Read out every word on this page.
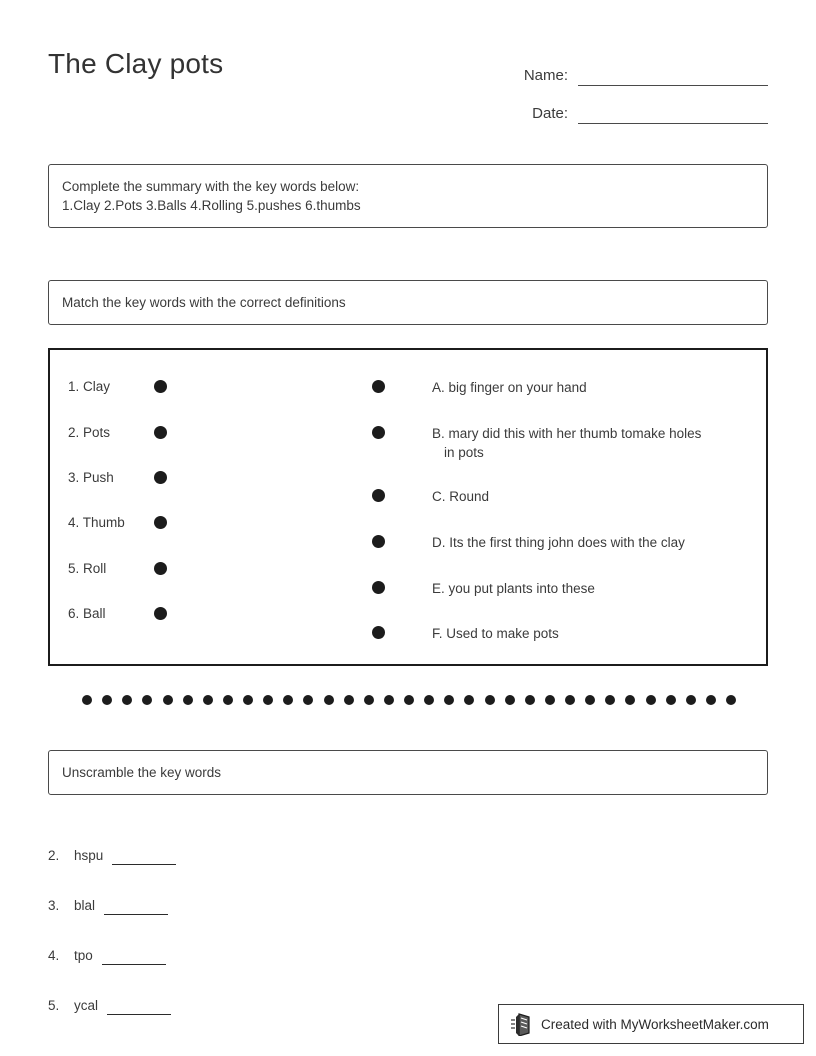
The Clay pots	Name:
Date:
Complete the summary with the key words below:
1.Clay 2.Pots 3.Balls 4.Rolling 5.pushes 6.thumbs
Match the key words with the correct definitions
1. Clay
2. Pots
3. Push
4. Thumb
5. Roll
6. Ball
A. big finger on your hand
B. mary did this with her thumb tomake holes
in pots
C. Round
D. Its the first thing john does with the clay
E. you put plants into these
F. Used to make pots
Unscramble the key words
2.	hspu
3.	blal
4.	tpo
5.	ycal
Created with MyWorksheetMaker.com
